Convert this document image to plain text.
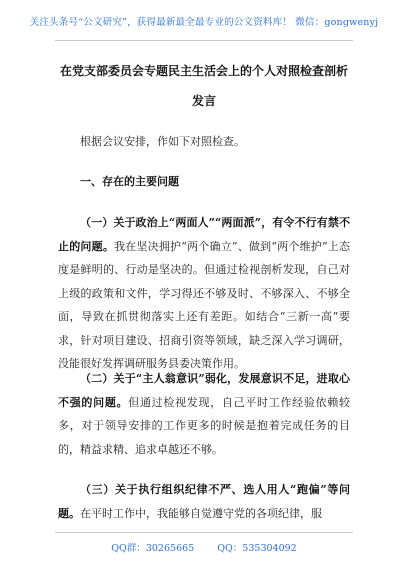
关注头条号“公文研究”，获得最新最全最专业的公文资料库！ 微信：gongwenyj
在党支部委员会专题民主生活会上的个人对照检查剖析发言
根据会议安排，作如下对照检查。
一、存在的主要问题
（一）关于政治上“两面人”“两面派”，有令不行有禁不止的问题。我在坚决拥护“两个确立”、做到“两个维护”上态度是鲜明的、行动是坚决的。但通过检视剖析发现，自己对上级的政策和文件，学习得还不够及时、不够深入、不够全面，导致在抓贯彻落实上还有差距。如结合“三新一高”要求，针对项目建设、招商引资等领域，缺乏深入学习调研，没能很好发挥调研服务县委决策作用。
（二）关于“主人翁意识”弱化，发展意识不足，进取心不强的问题。但通过检视发现，自己平时工作经验依赖较多，对于领导安排的工作更多的时候是抱着完成任务的目的，精益求精、追求卓越还不够。
（三）关于执行组织纪律不严、选人用人“跑偏”等问题。在平时工作中，我能够自觉遵守党的各项纪律，服
QQ群：30265665 QQ：535304092
